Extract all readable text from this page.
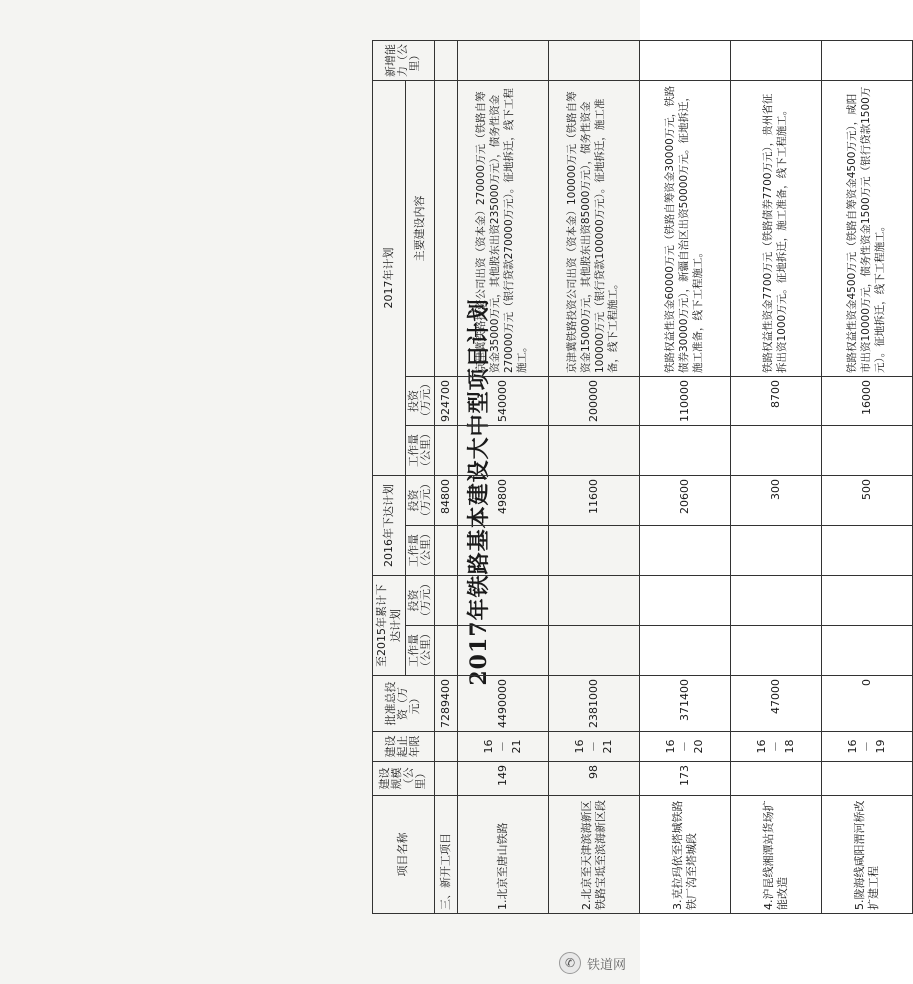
2017年铁路基本建设大中型项目计划
项目名称	建设规模（公里）	建设起止年限	批准总投资（万元）	至2015年累计下达计划		2016年下达计划		2017年计划			新增能力（公里）
				工作量（公里）	投资（万元）	工作量（公里）	投资（万元）	工作量（公里）	投资（万元）	主要建设内容	

三、新开工项目			7289400				84800		924700		
1.北京至唐山铁路	149	16－21	4490000				49800		540000	京津冀铁路投资公司出资（资本金）270000万元（铁路自筹资金35000万元，其他股东出资235000万元），债务性资金270000万元（银行贷款270000万元）。征地拆迁，线下工程施工。	
2.北京至天津滨海新区铁路宝坻至滨海新区段	98	16－21	2381000				11600		200000	京津冀铁路投资公司出资（资本金）100000万元（铁路自筹资金15000万元，其他股东出资85000万元），债务性资金100000万元（银行贷款100000万元）。征地拆迁，施工准备，线下工程施工。	
3.克拉玛依至塔城铁路铁厂沟至塔城段	173	16－20	371400				20600		110000	铁路权益性资金60000万元（铁路自筹资金30000万元，铁路债券30000万元），新疆自治区出资50000万元。征地拆迁，施工准备，线下工程施工。	
4.沪昆线湘潭站货场扩能改造		16－18	47000				300		8700	铁路权益性资金7700万元（铁路债券7700万元），贵州省征拆出资1000万元。征地拆迁，施工准备，线下工程施工。	
5.陇海线咸阳渭河桥改扩建工程		16－19	0				500		16000	铁路权益性资金4500万元（铁路自筹资金4500万元），咸阳市出资10000万元，债务性资金1500万元（银行贷款1500万元）。征地拆迁，线下工程施工。	
✆ 铁道网
